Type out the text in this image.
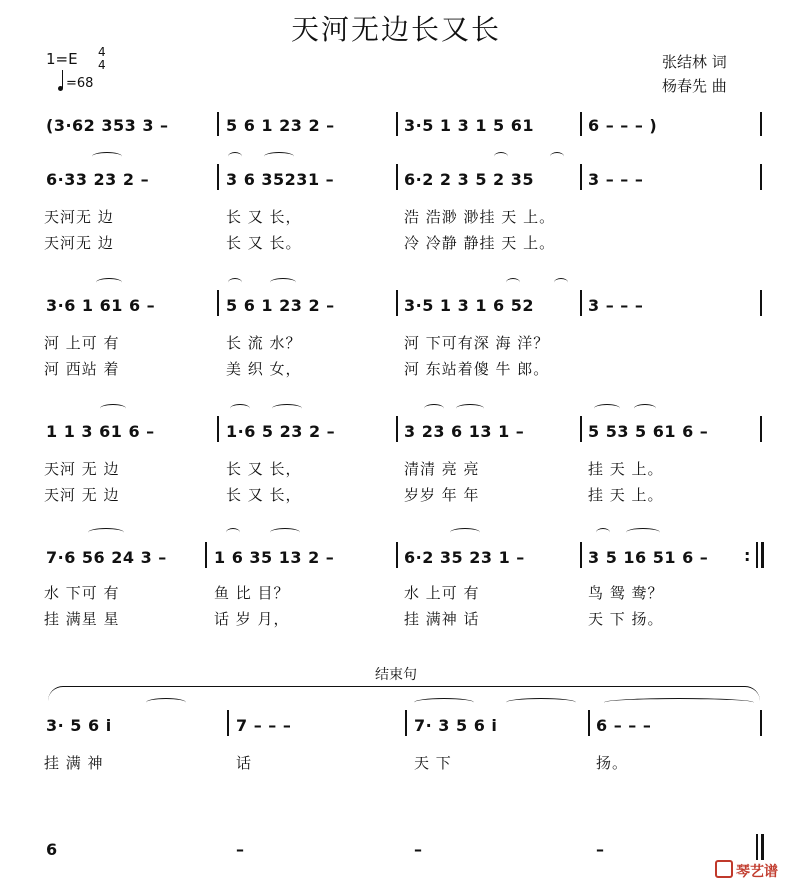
天河无边长又长
1=E 4
4
=68
张结林 词
杨春先 曲
(3·62 353 3 –	5 6 1 23 2 –	3·5 1 3 1 5 61	6 – – – )
6·33 23 2 –	3 6 35231 –	6·2 2 3 5 2 35	3 – – –
天河无 边	长 又 长，	浩 浩渺 渺挂 天 上。
天河无 边	长 又 长。	冷 冷静 静挂 天 上。
3·6 1 61 6 –	5 6 1 23 2 –	3·5 1 3 1 6 52	3 – – –
河 上可 有	长 流 水？	河 下可有深 海 洋？
河 西站 着	美 织 女，	河 东站着傻 牛 郎。
1 1 3 61 6 –	1·6 5 23 2 –	3 23 6 13 1 –	5 53 5 61 6 –
天河 无 边	长 又 长，	清清 亮 亮	挂 天 上。
天河 无 边	长 又 长，	岁岁 年 年	挂 天 上。
7·6 56 24 3 –	1 6 35 13 2 –	6·2 35 23 1 –	3 5 16 51 6 – :
水 下可 有	鱼 比 目？	水 上可 有	鸟 鸳 鸯？
挂 满星 星	话 岁 月，	挂 满神 话	天 下 扬。
结束句
3· 5 6 i	7 – – –	7· 3 5 6 i	6 – – –
挂 满 神	话	天 下	扬。
6	–	–	–
琴艺谱
